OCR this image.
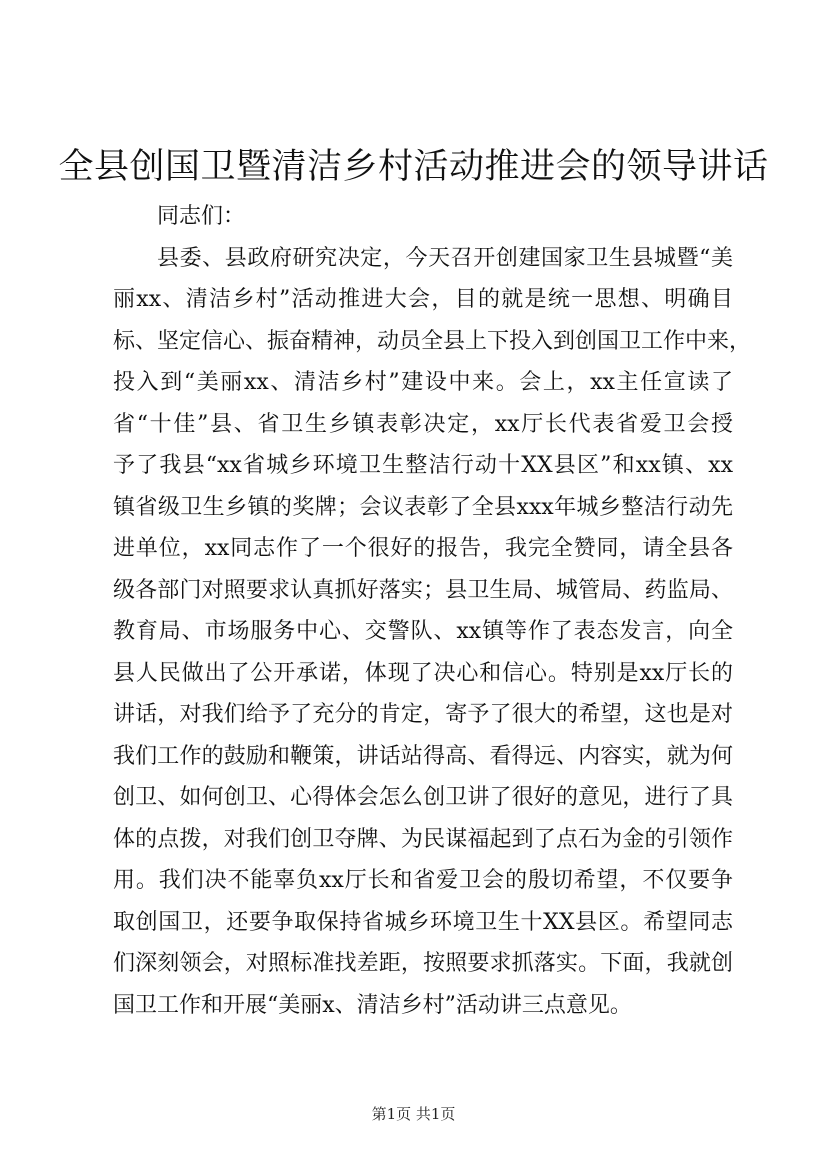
全县创国卫暨清洁乡村活动推进会的领导讲话
同志们：
县委、县政府研究决定，今天召开创建国家卫生县城暨“美
丽xx、清洁乡村”活动推进大会，目的就是统一思想、明确目
标、坚定信心、振奋精神，动员全县上下投入到创国卫工作中来，
投入到“美丽xx、清洁乡村”建设中来。会上，xx主任宣读了
省“十佳”县、省卫生乡镇表彰决定，xx厅长代表省爱卫会授
予了我县“xx省城乡环境卫生整洁行动十XX县区”和xx镇、xx
镇省级卫生乡镇的奖牌；会议表彰了全县xxx年城乡整洁行动先
进单位，xx同志作了一个很好的报告，我完全赞同，请全县各
级各部门对照要求认真抓好落实；县卫生局、城管局、药监局、
教育局、市场服务中心、交警队、xx镇等作了表态发言，向全
县人民做出了公开承诺，体现了决心和信心。特别是xx厅长的
讲话，对我们给予了充分的肯定，寄予了很大的希望，这也是对
我们工作的鼓励和鞭策，讲话站得高、看得远、内容实，就为何
创卫、如何创卫、心得体会怎么创卫讲了很好的意见，进行了具
体的点拨，对我们创卫夺牌、为民谋福起到了点石为金的引领作
用。我们决不能辜负xx厅长和省爱卫会的殷切希望，不仅要争
取创国卫，还要争取保持省城乡环境卫生十XX县区。希望同志
们深刻领会，对照标准找差距，按照要求抓落实。下面，我就创
国卫工作和开展“美丽x、清洁乡村”活动讲三点意见。
第1页 共1页
